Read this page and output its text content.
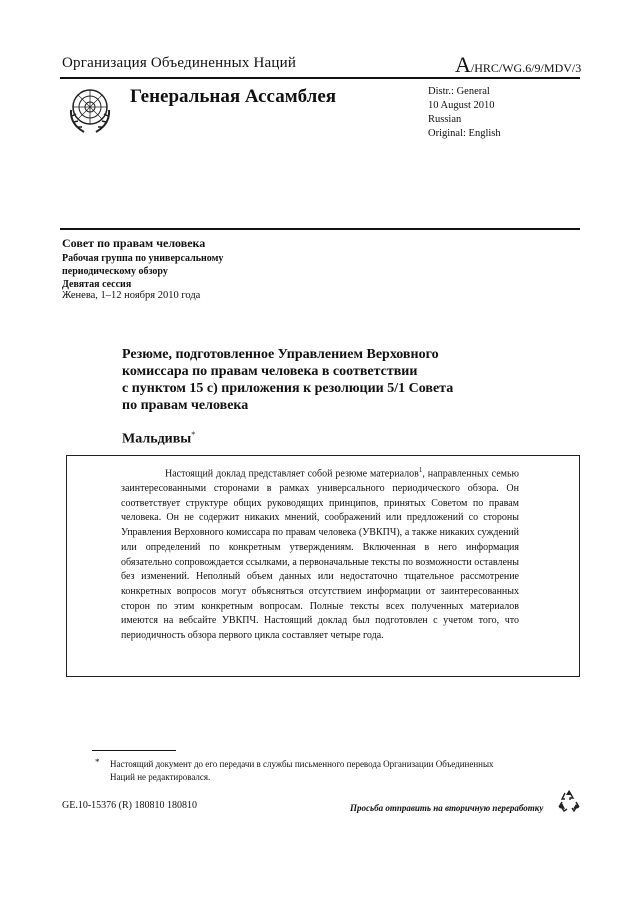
Организация Объединенных Наций	A/HRC/WG.6/9/MDV/3
Генеральная Ассамблея	Distr.: General
10 August 2010
Russian
Original: English
Совет по правам человека
Рабочая группа по универсальному
периодическому обзору
Девятая сессия
Женева, 1–12 ноября 2010 года
Резюме, подготовленное Управлением Верховного
комиссара по правам человека в соответствии
с пунктом 15 с) приложения к резолюции 5/1 Совета
по правам человека
Мальдивы*
Настоящий доклад представляет собой резюме материалов$^1$, направленных семью заинтересованными сторонами в рамках универсального периодического обзора. Он соответствует структуре общих руководящих принципов, принятых Советом по правам человека. Он не содержит никаких мнений, соображений или предложений со стороны Управления Верховного комиссара по правам человека (УВКПЧ), а также никаких суждений или определений по конкретным утверждениям. Включенная в него информация обязательно сопровождается ссылками, а первоначальные тексты по возможности оставлены без изменений. Неполный объем данных или недостаточно тщательное рассмотрение конкретных вопросов могут объясняться отсутствием информации от заинтересованных сторон по этим конкретным вопросам. Полные тексты всех полученных материалов имеются на вебсайте УВКПЧ. Настоящий доклад был подготовлен с учетом того, что периодичность обзора первого цикла составляет четыре года.
* Настоящий документ до его передачи в службы письменного перевода Организации Объединенных Наций не редактировался.
GE.10-15376 (R) 180810 180810	Просьба отправить на вторичную переработку
